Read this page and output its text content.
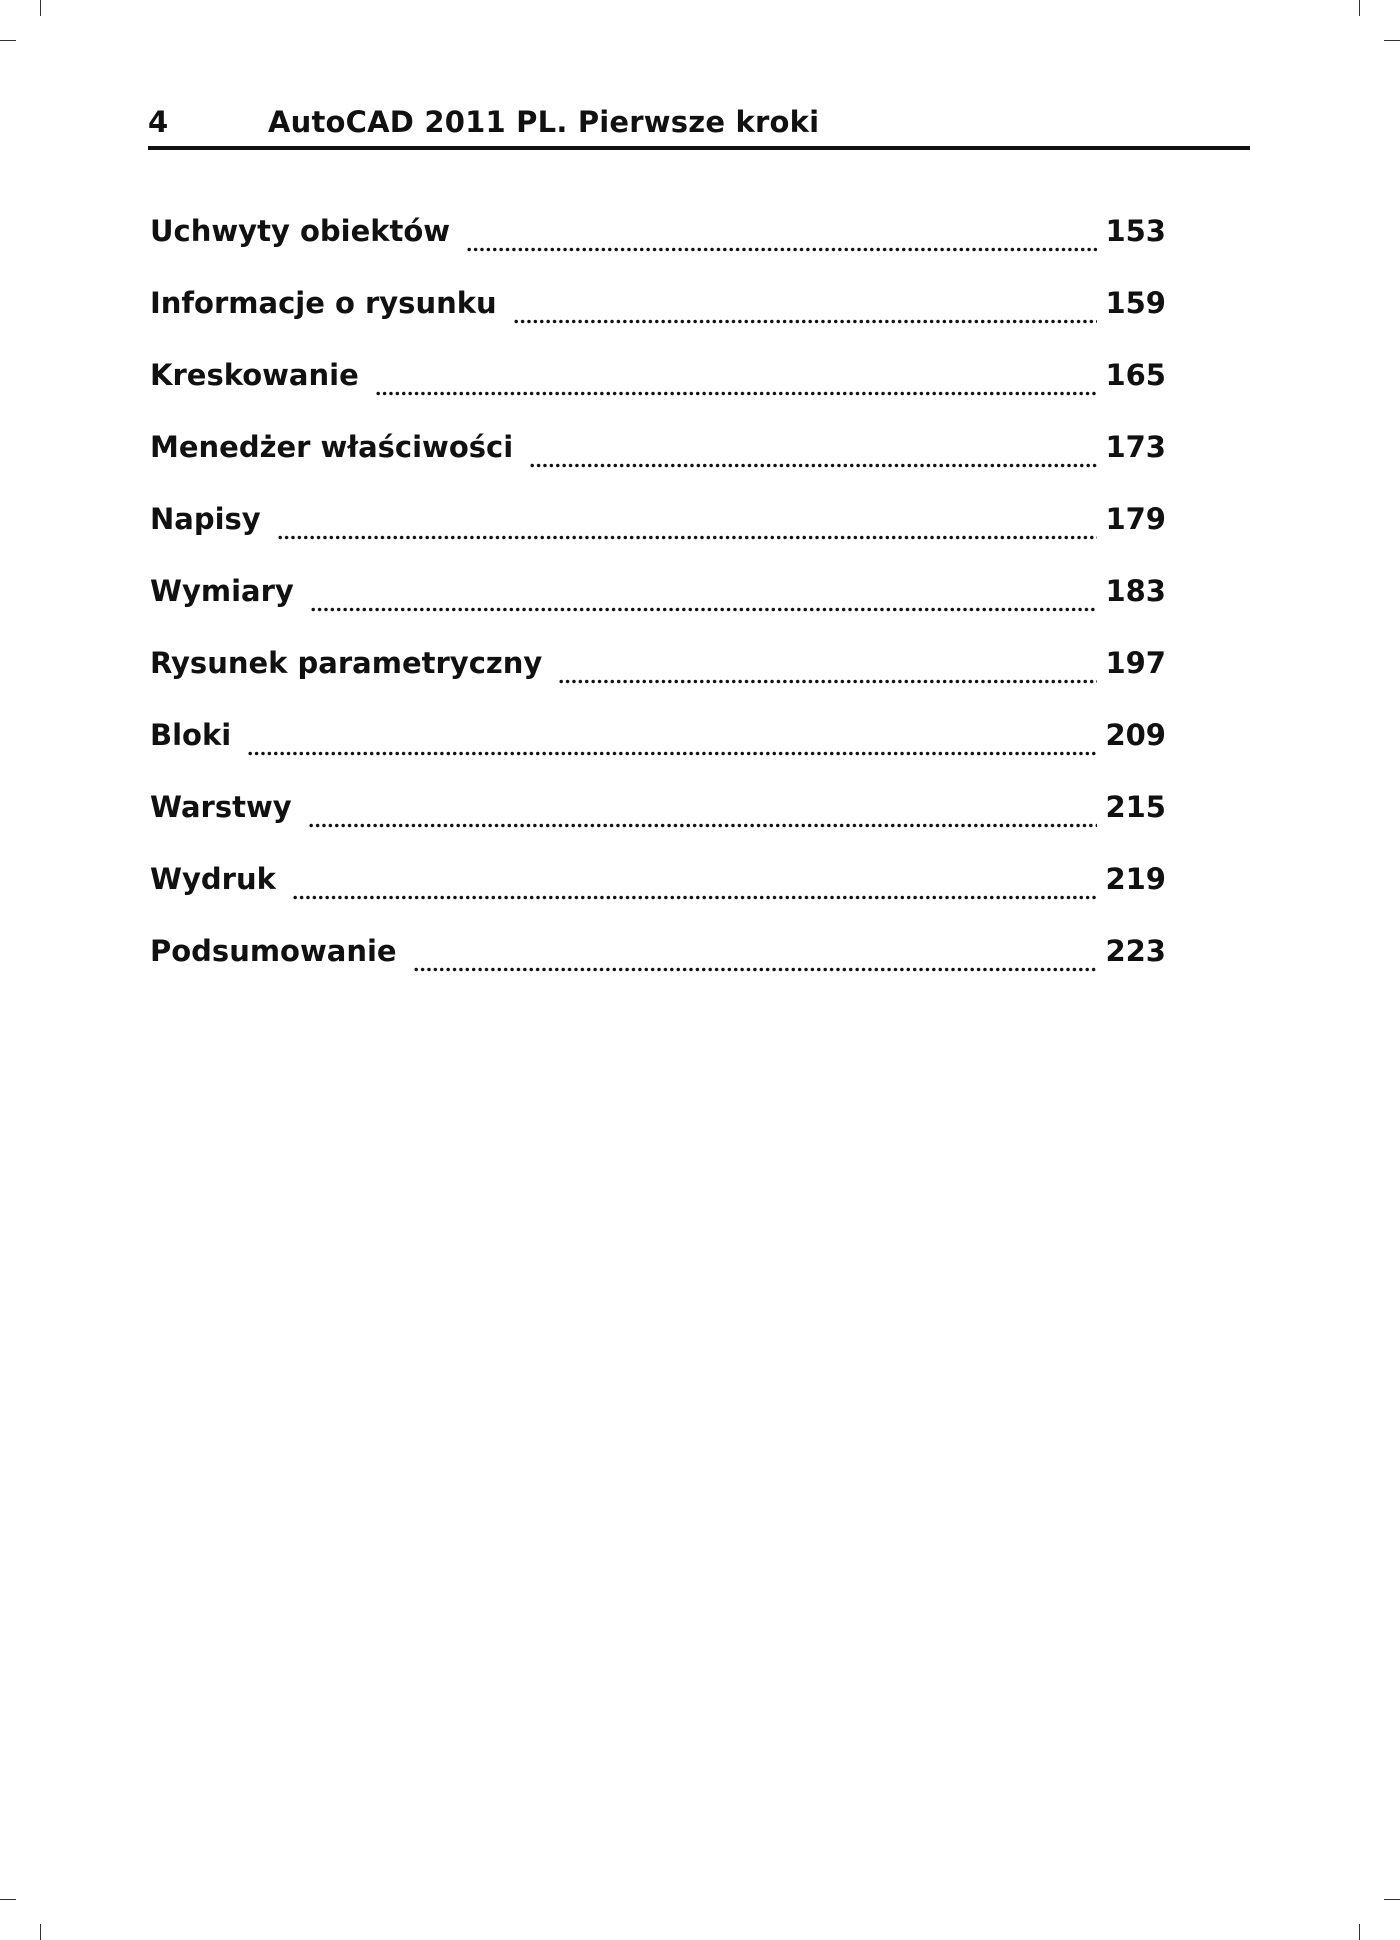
4	AutoCAD 2011 PL. Pierwsze kroki
Uchwyty obiektów	153
Informacje o rysunku	159
Kreskowanie	165
Menedżer właściwości	173
Napisy	179
Wymiary	183
Rysunek parametryczny	197
Bloki	209
Warstwy	215
Wydruk	219
Podsumowanie	223
